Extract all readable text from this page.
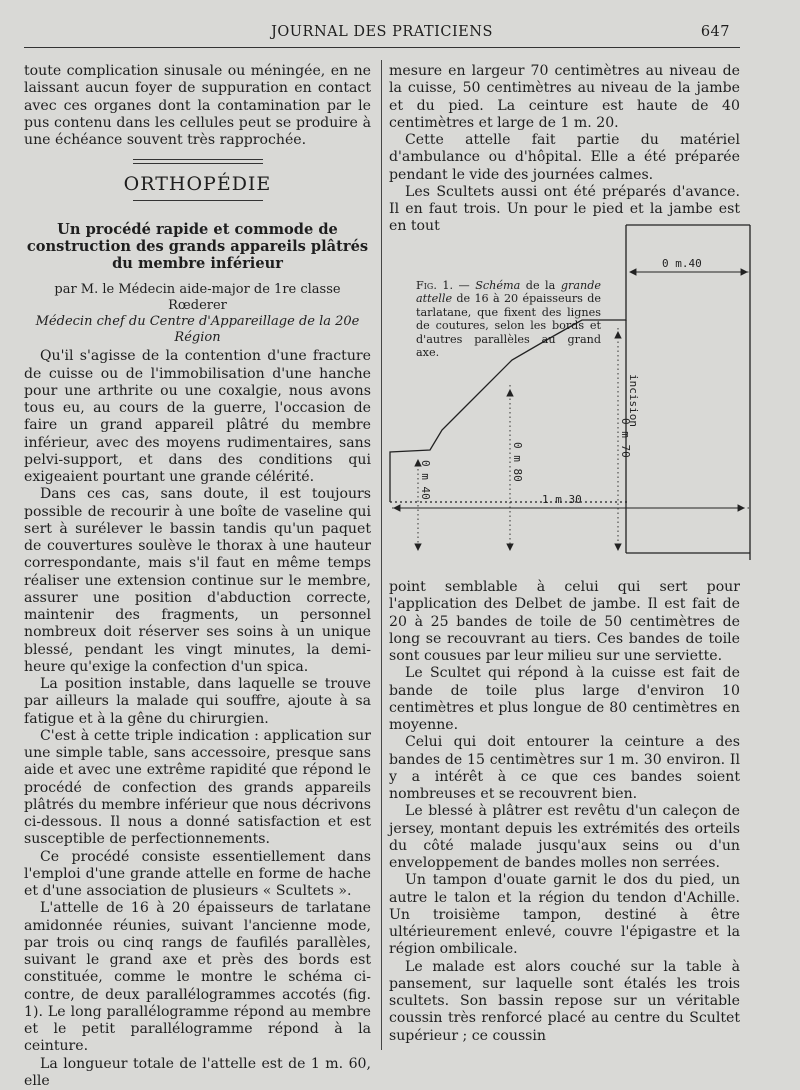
JOURNAL DES PRATICIENS	647

toute complication sinusale ou méningée, en ne laissant aucun foyer de suppuration en contact avec ces organes dont la contamination par le pus contenu dans les cellules peut se produire à une échéance souvent très rapprochée.

ORTHOPÉDIE
Un procédé rapide et commode de construction des grands appareils plâtrés du membre inférieur
par M. le Médecin aide-major de 1re classe Rœderer
Médecin chef du Centre d'Appareillage de la 20e Région

Qu'il s'agisse de la contention d'une fracture de cuisse ou de l'immobilisation d'une hanche pour une arthrite ou une coxalgie, nous avons tous eu, au cours de la guerre, l'occasion de faire un grand appareil plâtré du membre inférieur, avec des moyens rudimentaires, sans pelvi-support, et dans des conditions qui exigeaient pourtant une grande célérité.

Dans ces cas, sans doute, il est toujours possible de recourir à une boîte de vaseline qui sert à surélever le bassin tandis qu'un paquet de couvertures soulève le thorax à une hauteur correspondante, mais s'il faut en même temps réaliser une extension continue sur le membre, assurer une position d'abduction correcte, maintenir des fragments, un personnel nombreux doit réserver ses soins à un unique blessé, pendant les vingt minutes, la demi-heure qu'exige la confection d'un spica.

La position instable, dans laquelle se trouve par ailleurs la malade qui souffre, ajoute à sa fatigue et à la gêne du chirurgien.

C'est à cette triple indication : application sur une simple table, sans accessoire, presque sans aide et avec une extrême rapidité que répond le procédé de confection des grands appareils plâtrés du membre inférieur que nous décrivons ci-dessous. Il nous a donné satisfaction et est susceptible de perfectionnements.

Ce procédé consiste essentiellement dans l'emploi d'une grande attelle en forme de hache et d'une association de plusieurs « Scultets ».

L'attelle de 16 à 20 épaisseurs de tarlatane amidonnée réunies, suivant l'ancienne mode, par trois ou cinq rangs de faufilés parallèles, suivant le grand axe et près des bords est constituée, comme le montre le schéma ci-contre, de deux parallélogrammes accotés (fig. 1). Le long parallélogramme répond au membre et le petit parallélogramme répond à la ceinture.

La longueur totale de l'attelle est de 1 m. 60, elle

mesure en largeur 70 centimètres au niveau de la cuisse, 50 centimètres au niveau de la jambe et du pied. La ceinture est haute de 40 centimètres et large de 1 m. 20.

Cette attelle fait partie du matériel d'ambulance ou d'hôpital. Elle a été préparée pendant le vide des journées calmes.

Les Scultets aussi ont été préparés d'avance. Il en faut trois. Un pour le pied et la jambe est en tout

0 m.40
1 m 30
0 m 40	0 m 80
0 m 70
incision
Fig. 1. — Schéma de la grande attelle de 16 à 20 épaisseurs de tarlatane, que fixent des lignes de coutures, selon les bords et d'autres parallèles au grand axe.

point semblable à celui qui sert pour l'application des Delbet de jambe. Il est fait de 20 à 25 bandes de toile de 50 centimètres de long se recouvrant au tiers. Ces bandes de toile sont cousues par leur milieu sur une serviette.

Le Scultet qui répond à la cuisse est fait de bande de toile plus large d'environ 10 centimètres et plus longue de 80 centimètres en moyenne.

Celui qui doit entourer la ceinture a des bandes de 15 centimètres sur 1 m. 30 environ. Il y a intérêt à ce que ces bandes soient nombreuses et se recouvrent bien.

Le blessé à plâtrer est revêtu d'un caleçon de jersey, montant depuis les extrémités des orteils du côté malade jusqu'aux seins ou d'un enveloppement de bandes molles non serrées.

Un tampon d'ouate garnit le dos du pied, un autre le talon et la région du tendon d'Achille. Un troisième tampon, destiné à être ultérieurement enlevé, couvre l'épigastre et la région ombilicale.

Le malade est alors couché sur la table à pansement, sur laquelle sont étalés les trois scultets. Son bassin repose sur un véritable coussin très renforcé placé au centre du Scultet supérieur ; ce coussin
